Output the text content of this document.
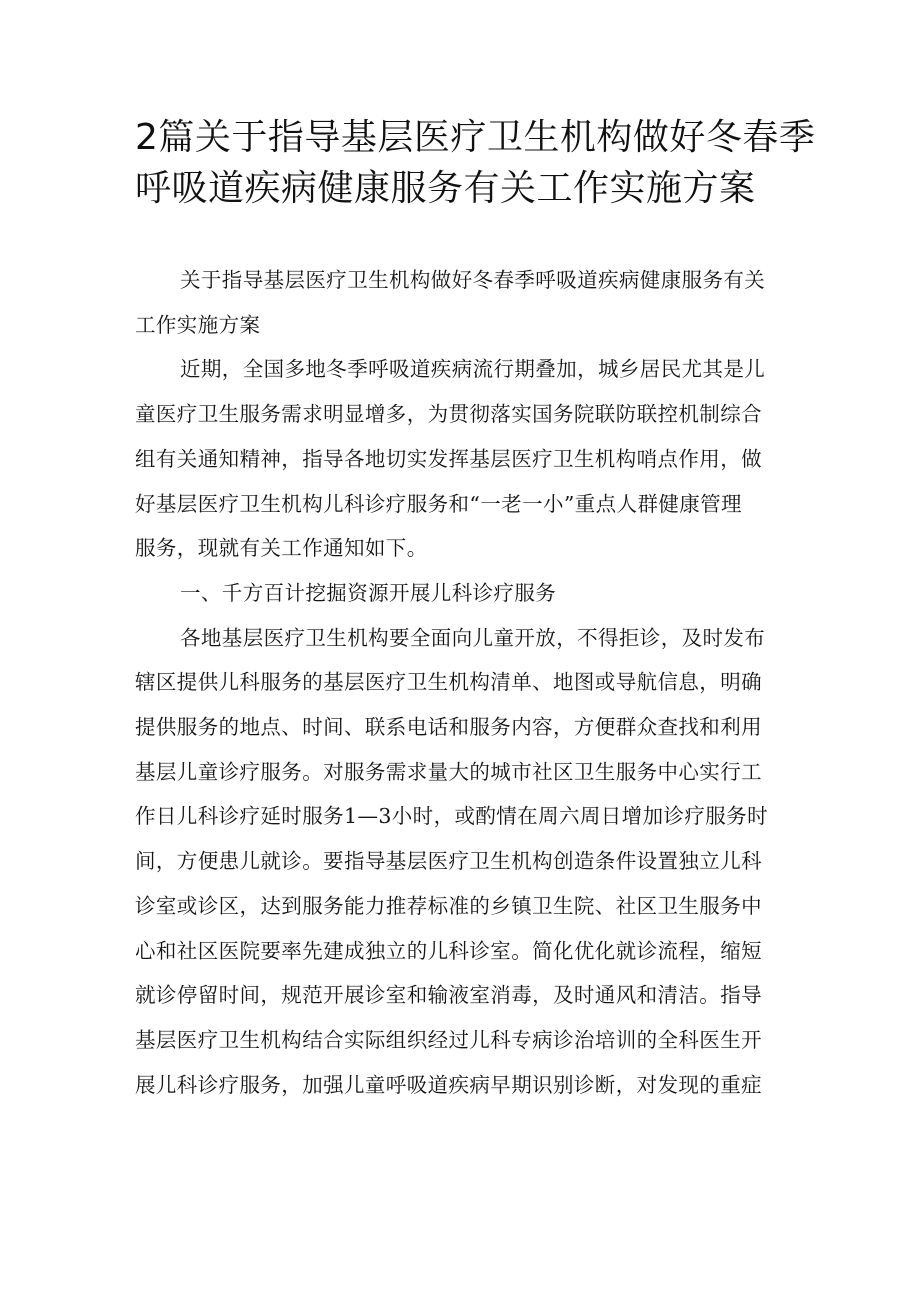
2篇关于指导基层医疗卫生机构做好冬春季
呼吸道疾病健康服务有关工作实施方案

关于指导基层医疗卫生机构做好冬春季呼吸道疾病健康服务有关
工作实施方案

近期，全国多地冬季呼吸道疾病流行期叠加，城乡居民尤其是儿
童医疗卫生服务需求明显增多，为贯彻落实国务院联防联控机制综合
组有关通知精神，指导各地切实发挥基层医疗卫生机构哨点作用，做
好基层医疗卫生机构儿科诊疗服务和“一老一小”重点人群健康管理
服务，现就有关工作通知如下。

一、千方百计挖掘资源开展儿科诊疗服务

各地基层医疗卫生机构要全面向儿童开放，不得拒诊，及时发布
辖区提供儿科服务的基层医疗卫生机构清单、地图或导航信息，明确
提供服务的地点、时间、联系电话和服务内容，方便群众查找和利用
基层儿童诊疗服务。对服务需求量大的城市社区卫生服务中心实行工
作日儿科诊疗延时服务1—3小时，或酌情在周六周日增加诊疗服务时
间，方便患儿就诊。要指导基层医疗卫生机构创造条件设置独立儿科
诊室或诊区，达到服务能力推荐标准的乡镇卫生院、社区卫生服务中
心和社区医院要率先建成独立的儿科诊室。简化优化就诊流程，缩短
就诊停留时间，规范开展诊室和输液室消毒，及时通风和清洁。指导
基层医疗卫生机构结合实际组织经过儿科专病诊治培训的全科医生开
展儿科诊疗服务，加强儿童呼吸道疾病早期识别诊断，对发现的重症
